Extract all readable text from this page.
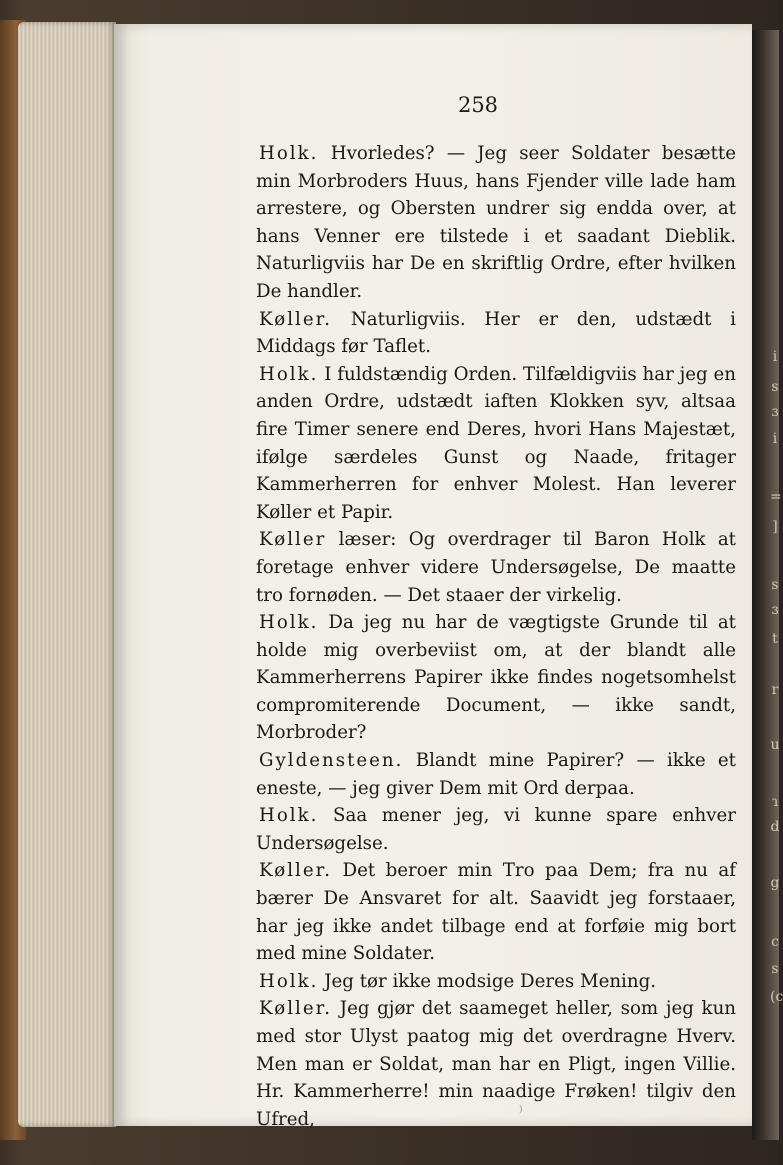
i
s
ɜ
i
=
]
s
ɜ
t
r
u
ɿ
d
g
c
s
(c
258

Holk. Hvorledes? — Jeg seer Soldater besætte min Morbroders Huus, hans Fjender ville lade ham arrestere, og Obersten undrer sig endda over, at hans Venner ere tilstede i et saadant Dieblik. Naturligviis har De en skriftlig Ordre, efter hvilken De handler.

Køller. Naturligviis. Her er den, udstædt i Middags før Taflet.

Holk. I fuldstændig Orden. Tilfældigviis har jeg en anden Ordre, udstædt iaften Klokken syv, altsaa fire Timer senere end Deres, hvori Hans Majestæt, ifølge særdeles Gunst og Naade, fritager Kammerherren for enhver Molest. Han leverer Køller et Papir.

Køller læser: Og overdrager til Baron Holk at foretage enhver videre Undersøgelse, De maatte tro fornøden. — Det staaer der virkelig.

Holk. Da jeg nu har de vægtigste Grunde til at holde mig overbeviist om, at der blandt alle Kammerherrens Papirer ikke findes nogetsomhelst compromiterende Document, — ikke sandt, Morbroder?

Gyldensteen. Blandt mine Papirer? — ikke et eneste, — jeg giver Dem mit Ord derpaa.

Holk. Saa mener jeg, vi kunne spare enhver Undersøgelse.

Køller. Det beroer min Tro paa Dem; fra nu af bærer De Ansvaret for alt. Saavidt jeg forstaaer, har jeg ikke andet tilbage end at forføie mig bort med mine Soldater.

Holk. Jeg tør ikke modsige Deres Mening.

Køller. Jeg gjør det saameget heller, som jeg kun med stor Ulyst paatog mig det overdragne Hverv. Men man er Soldat, man har en Pligt, ingen Villie. Hr. Kammerherre! min naadige Frøken! tilgiv den Ufred,	)
